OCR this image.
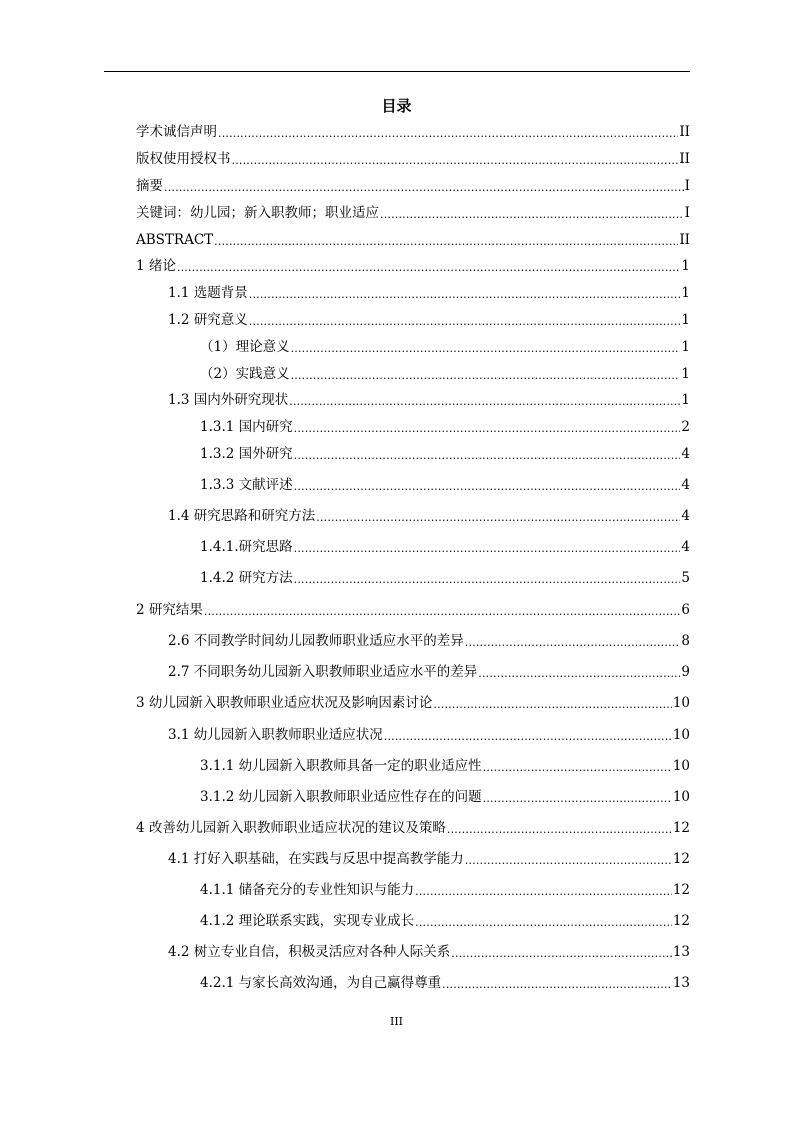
目录
学术诚信声明 .....	II
版权使用授权书 .....	II
摘要 .....	I
关键词：幼儿园；新入职教师；职业适应 .....	I
ABSTRACT .....	II
1 绪论 .....	1
1.1 选题背景 .....	1
1.2 研究意义 .....	1
（1）理论意义 .....	1
（2）实践意义 .....	1
1.3 国内外研究现状 .....	1
1.3.1 国内研究 .....	2
1.3.2 国外研究 .....	4
1.3.3 文献评述 .....	4
1.4 研究思路和研究方法 .....	4
1.4.1.研究思路 .....	4
1.4.2 研究方法 .....	5
2 研究结果 .....	6
2.6 不同教学时间幼儿园教师职业适应水平的差异 .....	8
2.7 不同职务幼儿园新入职教师职业适应水平的差异 .....	9
3 幼儿园新入职教师职业适应状况及影响因素讨论 .....	10
3.1 幼儿园新入职教师职业适应状况 .....	10
3.1.1 幼儿园新入职教师具备一定的职业适应性 .....	10
3.1.2 幼儿园新入职教师职业适应性存在的问题 .....	10
4 改善幼儿园新入职教师职业适应状况的建议及策略 .....	12
4.1 打好入职基础，在实践与反思中提高教学能力 .....	12
4.1.1 储备充分的专业性知识与能力 .....	12
4.1.2 理论联系实践，实现专业成长 .....	12
4.2 树立专业自信，积极灵活应对各种人际关系 .....	13
4.2.1 与家长高效沟通，为自己赢得尊重 .....	13
III
